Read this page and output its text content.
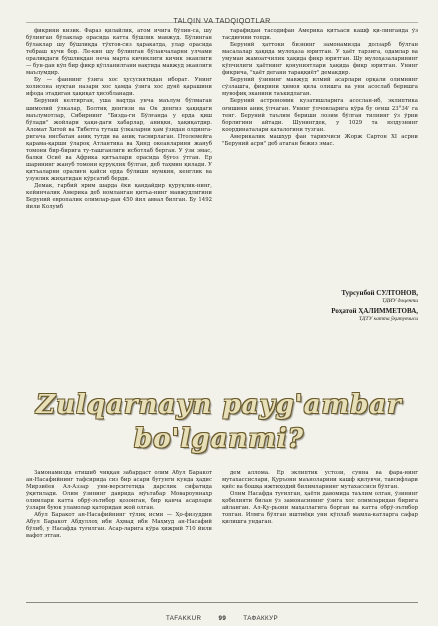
TALQIN VA TADQIQOTLAR

фикрини кизик. Фараз қилайлик, атом ичига бўлин-са, шу бўлинган бўлаклар ораcида катта бўшлик мавжуд. Бўлинган бўлаклар шу бўшлиқда тўхтов-сиз ҳаракатда, улар орасида тебраш кучи бор. Ле-кин шу бўлинган бўлакчаларни улчами оралиқдаги бўшлиқдан неча марта кичиклиги кичик эканлиги — бун-дан кўп бир фикр қўлланилгани вақтида мавжуд эканлиги маълумдир.

Бу — фаннинг ўзига хос ҳусусиятидан иборат. Унинг холисона нуқтаи назари хос ҳамда ўзига хос дунё қарашини ифода этадиган ҳақиқат ҳисобланади.

Беруний келтирган, уша ваqтда унча маълум бўлмаган шимолий ўлкалар, Болтиқ денгизи ва Ок денгиз ҳақидаги маълумотлар, Сибирнинг "Бизда-ги Бўлғанда у ерда қиш бўлади" жойлари ҳақи-даги хабарлар, аниқки, ҳақиқатдир. Аломат Хитой ва Тибетга туташ ўлкаларни ҳам ўзидан олдинга-ригача нисбатан аниқ тутди ва аниқ тасвирлаган. Птолемейга қарама-қарши ўлароқ Атлантика ва Ҳинд океанларини жануб томони бир-бирига ту-ташганлиги исботлаб берган. У ўзи эмас, балки Осиё ва Африка қитъалари орасида бўғоз ўтган. Ер шарининг жануб томони қуруқлик бўлган, деб таҳмин қилади. У қитъаларни оралиғи қайси ерда бўлиши мумкин, кенглик ва узунлик жиҳатидан кўрсатиб берди.

Демак, гарбий ярим шарда ёки қандайдир қуруқлик-нинг, кейинчалик Америка деб номланган қитъа-нинг мавжудлигини Беруний европалик олимлар-дан 450 йил аввал билган. Бу 1492 йили Колумб

тарафидан тасодифан Америка қитъаси кашф қи-линганда ўз тасдиғини топди.

Беруний ҳаттоки бизнинг замонамизда долзарб бўлган масалалар ҳақида мулоҳаза юритган. У ҳаёт тарзига, одамлар ва умуман жамоатчилик ҳақида фикр юритган. Шу мулоҳазаларининг кўпчилиги ҳаётнинг қонуниятлари ҳақида фикр юритган. Унинг фикрича, "ҳаёт дегани тараққиёт" демакдир.

Беруний ўзининг мавжуд илмий асарлари орқали олимнинг сўзлашга, фикрини ҳимоя қила олишга ва уни асослаб беришга мувофиқ эканини таъкидлаган.

Беруний астрономик кузатишларига асослан-иб, эклиптика оғишини аниқ ўлчаган. Унинг ўлчовларига кўра бу оғиш 23°34' га тенг. Беруний таълим бериши лозим бўлган тилнинг ўз ўрни борлигини айтади. Шунингдек, у 1029 та юлдузнинг координаталари каталогини тузган.

Америкалик машҳур фан тарихчиси Жорж Сартон XI асрни "Беруний асри" деб атаган бежиз эмас.

Турсунбой СУЛТОНОВ,
ТДИУ доценти
Роҳатой ҲАЛИММЕТОВА,
ТДТУ катта ўқитувчиси
Zulqarnayn payg'ambar
bo'lganmi?

Замонамизда етишиб чиққан забардаст олим Абул Баракот ан-Насафийнинг тафсирида сиз бир асари бугунги кунда ҳадис Мирзиёев Ал-Аззар уни-верситетида дарслик сифатида ўқитилади. Олим ўзининг даврида мўътабар Мовароуннаҳр олимлари катта обрў-эътибор қозонган, бир қанча асарлари ўзлари буюк уламолар қаторидан жой олган.

Абул Баракот ан-Насафийнинг тўлиқ исми — Ҳо-физуддин Абул Баракот Абдуллоҳ ибн Аҳмад ибн Маҳмуд ан-Насафий бўлиб, у Насафда туғилган. Асар-ларига кўра ҳижрий 710 йили вафот этган.

дем аллома. Ер эклиптик устози, сунна ва фара-нинг мутахассислари, Қуръони маъноларини кашф қилувчи, тавсифлари қиёс ва бошқа ижтиҳодий билимларнинг мутахассиси бўлган.

Олим Насафда туғилган, ҳаёти давомида таълим олган, ўзининг қобилияти билан ўз замонасининг ўзига хос олимларидан бирига айланган. Ал-Қу-рьони маҳаллагига борган ва катта обрў-эътибор топган. Илмга бўлган иштиёқи уни кўплаб мамла-катларга сафар қилишга ундаган.

TAFAKKUR	99	ТАФАККУР
